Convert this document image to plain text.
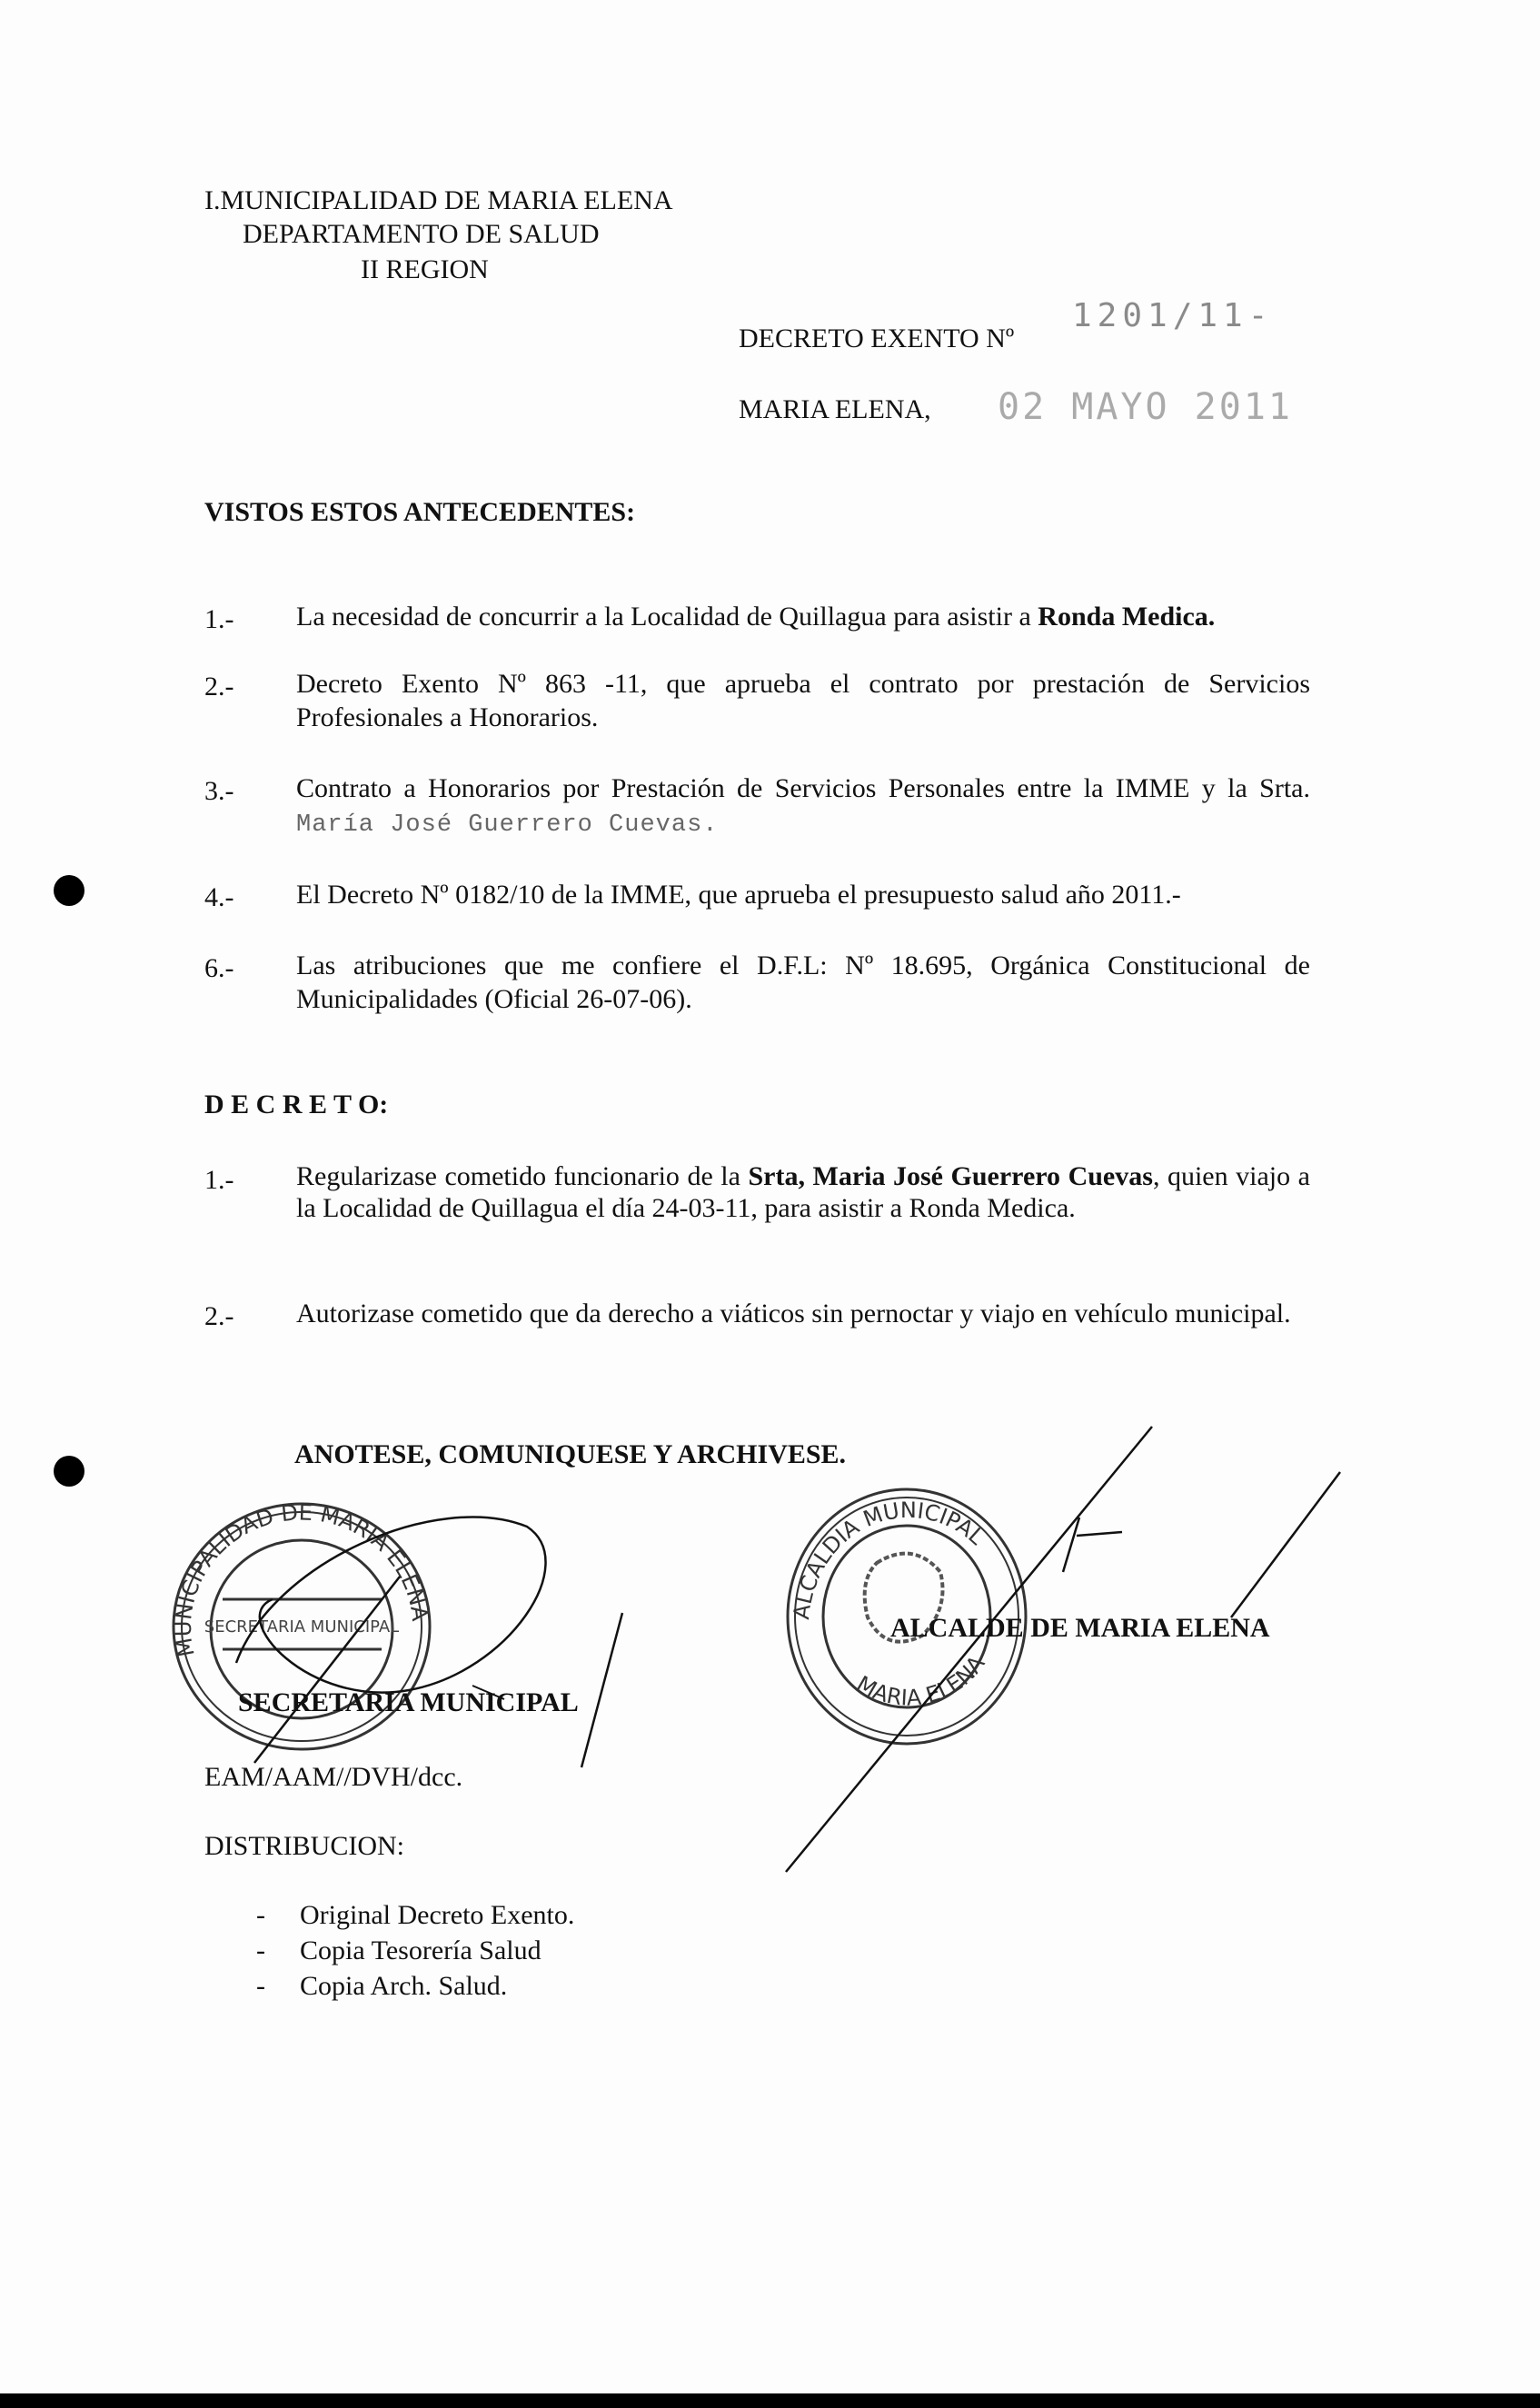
I.MUNICIPALIDAD DE MARIA ELENA
DEPARTAMENTO DE SALUD
II REGION
DECRETO EXENTO Nº
1201/11-
MARIA ELENA, 02 MAYO 2011
VISTOS ESTOS ANTECEDENTES:
1.- La necesidad de concurrir a la Localidad de Quillagua para asistir a Ronda Medica.
2.- Decreto Exento Nº 863 -11, que aprueba el contrato por prestación de Servicios Profesionales a Honorarios.
3.- Contrato a Honorarios por Prestación de Servicios Personales entre la IMME y la Srta. María José Guerrero Cuevas.
4.- El Decreto Nº 0182/10 de la IMME, que aprueba el presupuesto salud año 2011.-
6.- Las atribuciones que me confiere el D.F.L: Nº 18.695, Orgánica Constitucional de Municipalidades (Oficial 26-07-06).
D E C R E T O:
1.- Regularizase cometido funcionario de la Srta, Maria José Guerrero Cuevas, quien viajo a la Localidad de Quillagua el día 24-03-11, para asistir a Ronda Medica.
2.- Autorizase cometido que da derecho a viáticos sin pernoctar y viajo en vehículo municipal.
ANOTESE, COMUNIQUESE Y ARCHIVESE.
MUNICIPALIDAD DE MARIA ELENA
SECRETARIA MUNICIPAL
ALCALDIA MUNICIPAL
MARIA ELENA
SECRETARIA MUNICIPAL
ALCALDE DE MARIA ELENA
EAM/AAM//DVH/dcc.
DISTRIBUCION:
- Original Decreto Exento.
- Copia Tesorería Salud
- Copia Arch. Salud.
